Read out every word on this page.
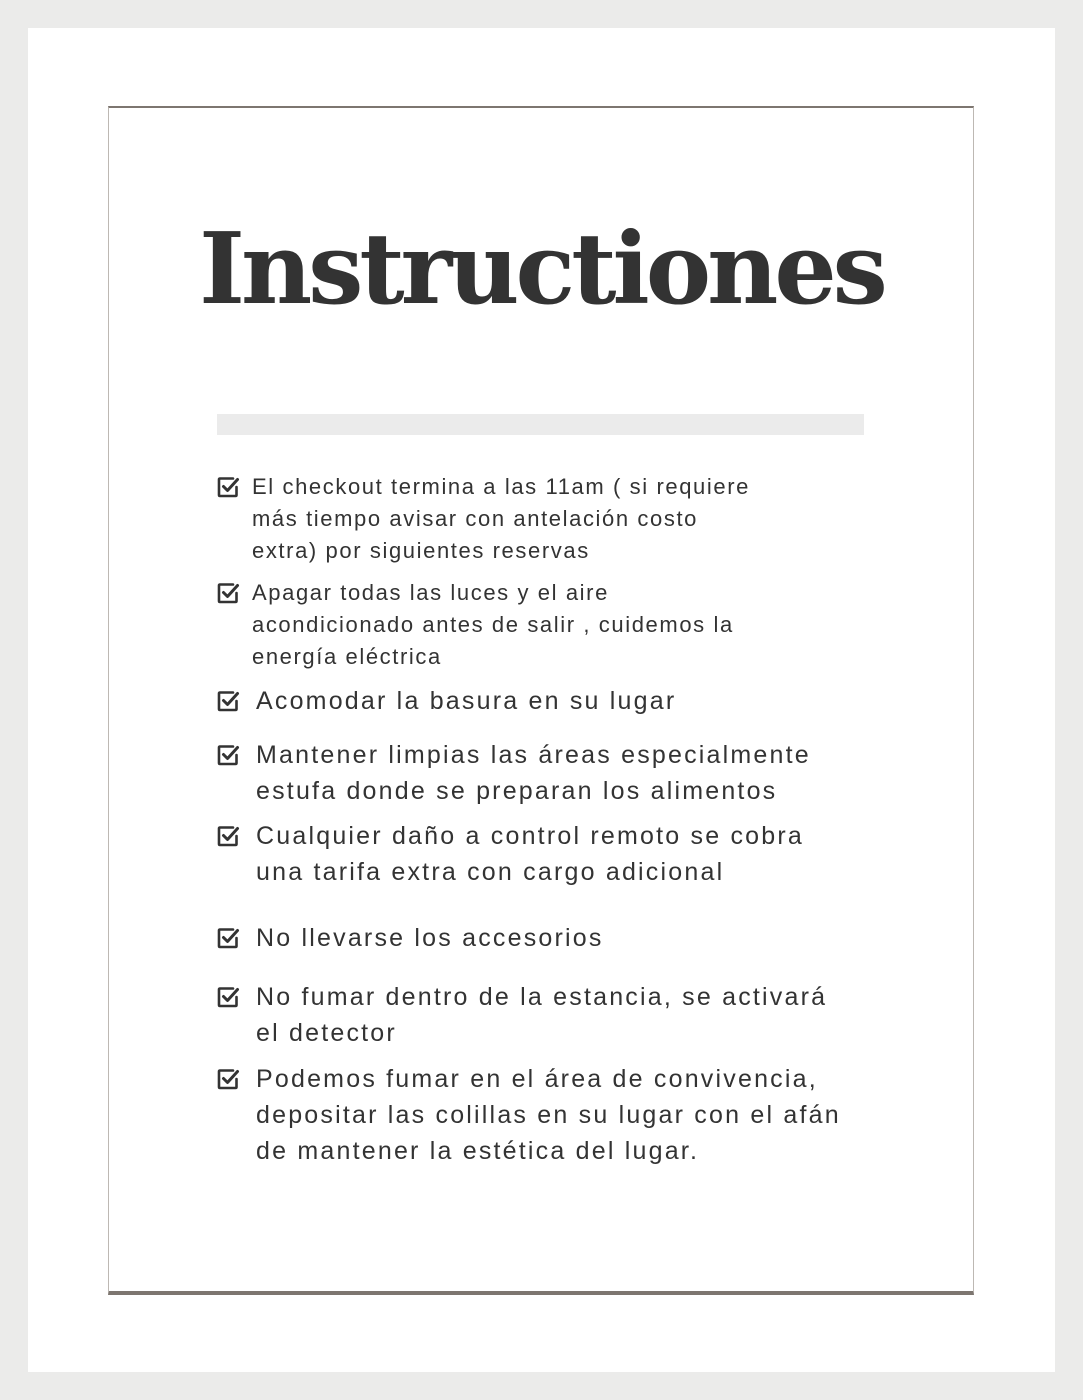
Instructiones
El checkout termina a las 11am ( si requiere
más tiempo avisar con antelación costo
extra) por siguientes reservas
Apagar todas las luces y el aire
acondicionado antes de salir , cuidemos la
energía eléctrica
Acomodar la basura en su lugar
Mantener limpias las áreas especialmente
estufa donde se preparan los alimentos
Cualquier daño a control remoto se cobra
una tarifa extra con cargo adicional
No llevarse los accesorios
No fumar dentro de la estancia, se activará
el detector
Podemos fumar en el área de convivencia,
depositar las colillas en su lugar con el afán
de mantener la estética del lugar.
